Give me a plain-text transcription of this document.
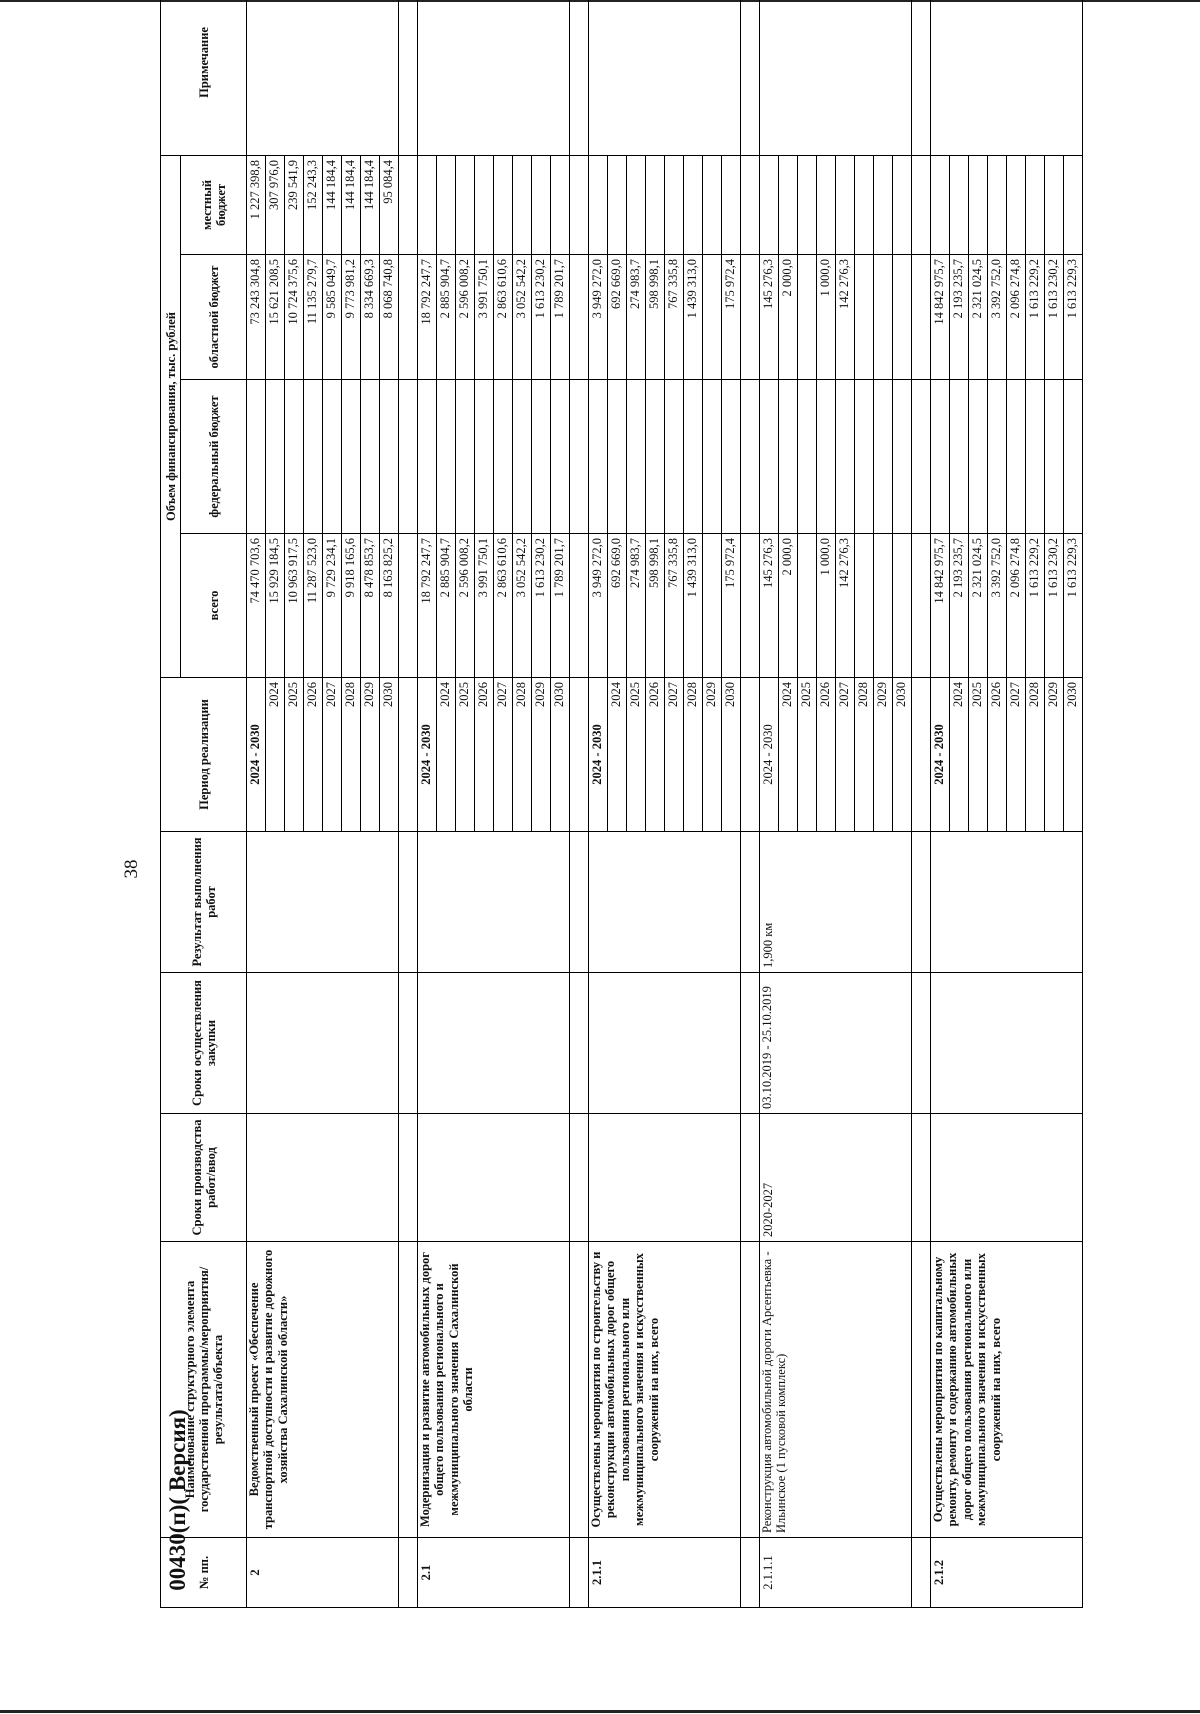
38
№ пп.	Наименование структурного элемента государственной программы/мероприятия/результата/объекта	Сроки производства работ/ввод	Сроки осуществления закупки	Результат выполнения работ	Период реализации	Объем финансирования, тыс. рублей				Примечание
						всего	федеральный бюджет	областной бюджет	местный бюджет	
2	Ведомственный проект «Обеспечение транспортной доступности и развитие дорожного хозяйства Сахалинской области»				2024 - 2030	74 470 703,6		73 243 304,8	1 227 398,8	
					2024	15 929 184,5		15 621 208,5	307 976,0	
					2025	10 963 917,5		10 724 375,6	239 541,9	
					2026	11 287 523,0		11 135 279,7	152 243,3	
					2027	9 729 234,1		9 585 049,7	144 184,4	
					2028	9 918 165,6		9 773 981,2	144 184,4	
					2029	8 478 853,7		8 334 669,3	144 184,4	
					2030	8 163 825,2		8 068 740,8	95 084,4	

2.1	Модернизация и развитие автомобильных дорог общего пользования регионального и межмуниципального значения Сахалинской области				2024 - 2030	18 792 247,7		18 792 247,7		
					2024	2 885 904,7		2 885 904,7		
					2025	2 596 008,2		2 596 008,2		
					2026	3 991 750,1		3 991 750,1		
					2027	2 863 610,6		2 863 610,6		
					2028	3 052 542,2		3 052 542,2		
					2029	1 613 230,2		1 613 230,2		
					2030	1 789 201,7		1 789 201,7		

2.1.1	Осуществлены мероприятия по строительству и реконструкции автомобильных дорог общего пользования регионального или межмуниципального значения и искусственных сооружений на них, всего				2024 - 2030	3 949 272,0		3 949 272,0		
					2024	692 669,0		692 669,0		
					2025	274 983,7		274 983,7		
					2026	598 998,1		598 998,1		
					2027	767 335,8		767 335,8		
					2028	1 439 313,0		1 439 313,0		
					2029					
					2030	175 972,4		175 972,4		

2.1.1.1	Реконструкция автомобильной дороги Арсентьевка - Ильинское (1 пусковой комплекс)	2020-2027	03.10.2019 - 25.10.2019	1,900 км	2024 - 2030	145 276,3		145 276,3		
					2024	2 000,0		2 000,0		
					2025					
					2026	1 000,0		1 000,0		
					2027	142 276,3		142 276,3		
					2028					
					2029					
					2030					

2.1.2	Осуществлены мероприятия по капитальному ремонту, ремонту и содержанию автомобильных дорог общего пользования регионального или межмуниципального значения и искусственных сооружений на них, всего				2024 - 2030	14 842 975,7		14 842 975,7		
					2024	2 193 235,7		2 193 235,7		
					2025	2 321 024,5		2 321 024,5		
					2026	3 392 752,0		3 392 752,0		
					2027	2 096 274,8		2 096 274,8		
					2028	1 613 229,2		1 613 229,2		
					2029	1 613 230,2		1 613 230,2		
					2030	1 613 229,3		1 613 229,3		
00430(п)( Версия)
